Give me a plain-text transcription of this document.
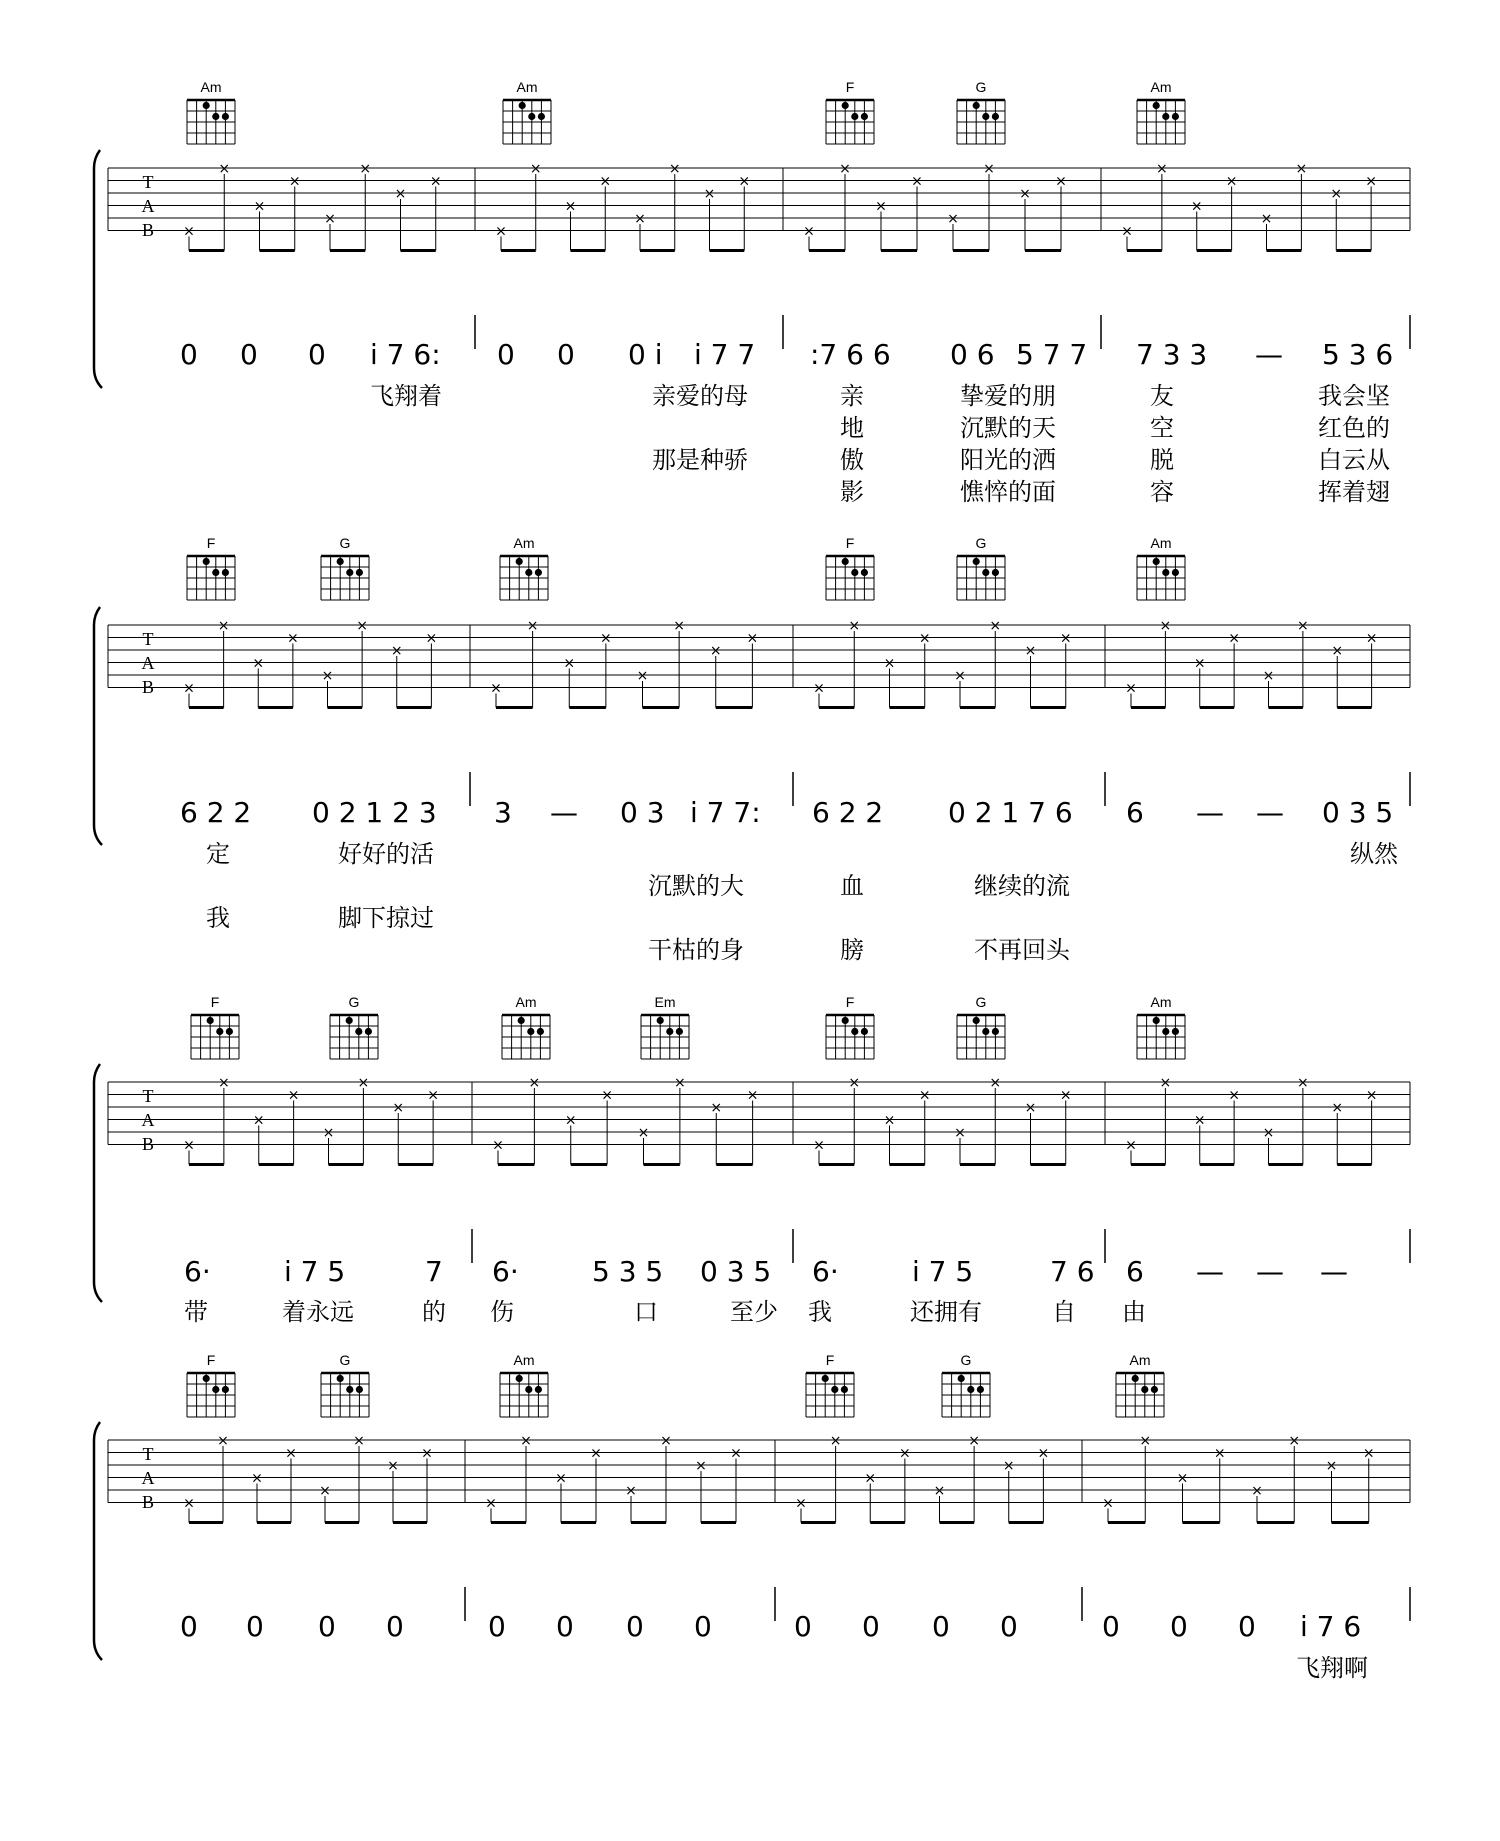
Am	Am	F	G	Am
0 0 0 i 7 6: 0 0 0 i i 7 7 :7 6 6 0 6 5 7 7 7 3 3 — 5 3 6
飞翔着	亲爱的母	亲	挚爱的朋	友	我会坚
地	沉默的天	空	红色的
那是种骄	傲	阳光的洒	脱	白云从
影	憔悴的面	容	挥着翅
F	G	Am	F	G	Am
6 2 2 0 2 1 2 3 3 — 0 3 i 7 7: 6 2 2 0 2 1 7 6 6 — — 0 3 5
定	好好的活	纵然
沉默的大	血	继续的流
我	脚下掠过
干枯的身	膀	不再回头
F	G	Am	Em	F	G	Am
6·	i 7 5	7 6·	5 3 5 0 3 5 6·	i 7 5	7 6 6 — — —
带	着永远	的 伤	口	至少 我	还拥有	自 由
F	G	Am	F	G	Am
0 0 0 0	0 0 0 0	0 0 0 0	0 0 0 i 7 6
飞翔啊
T
A
B ×
×
×
×
×
×
×
×
×
×
×
×
×
×
×
×
×
×
×
×
×
×
×
×
×
×
×
×
×
×
×
×
T
A
B ×
×
×
×
×
×
×
×
×
×
×
×
×
×
×
×
×
×
×
×
×
×
×
×
×
×
×
×
×
×
×
×
T
A
B ×
×
×
×
×
×
×
×
×
×
×
×
×
×
×
×
×
×
×
×
×
×
×
×
×
×
×
×
×
×
×
×
T
A
B ×
×
×
×
×
×
×
×
×
×
×
×
×
×
×
×
×
×
×
×
×
×
×
×
×
×
×
×
×
×
×
×
